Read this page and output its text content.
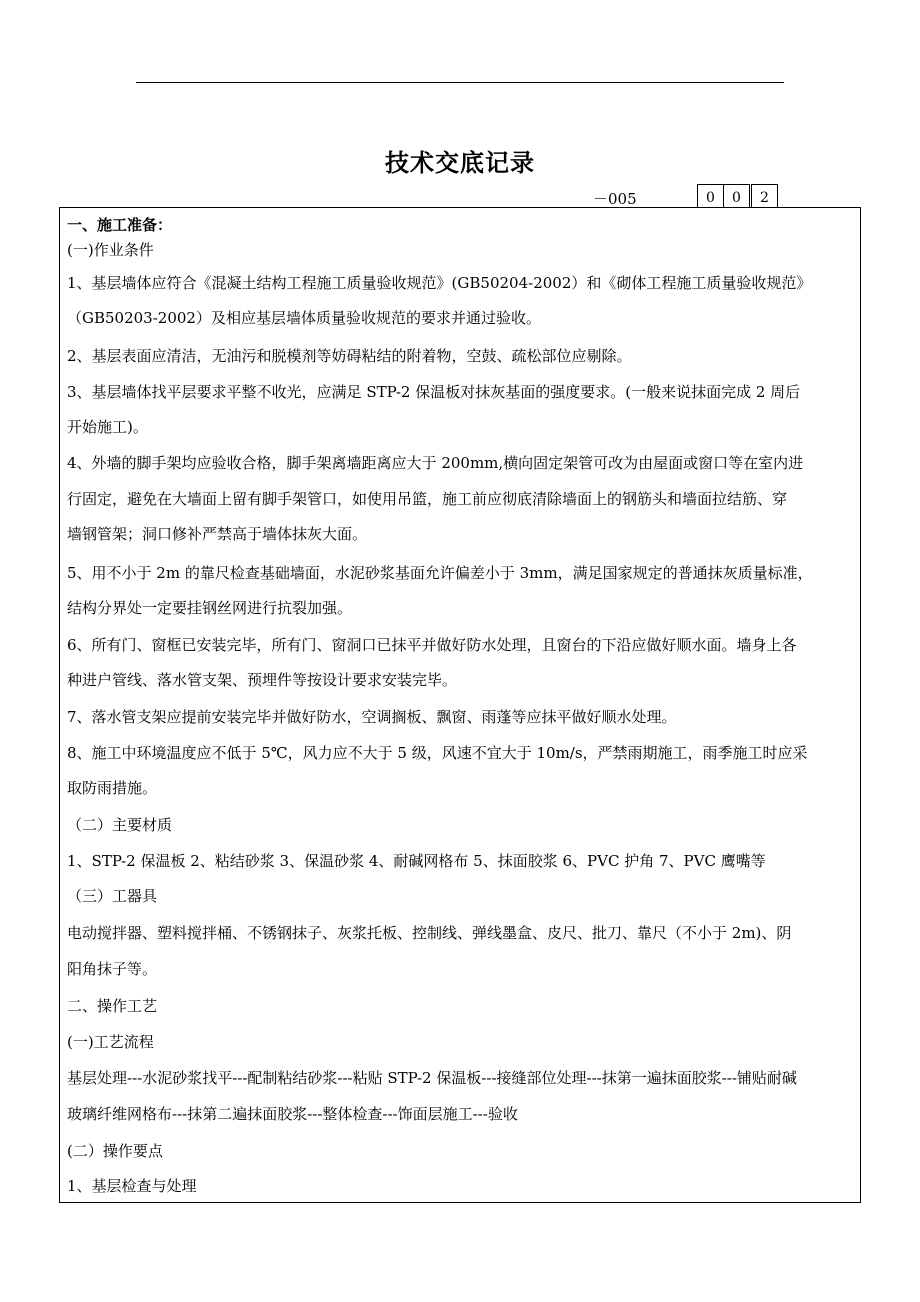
技术交底记录
－005	0	0	2
一、施工准备：
(一)作业条件
1、基层墙体应符合《混凝土结构工程施工质量验收规范》(GB50204-2002）和《砌体工程施工质量验收规范》
（GB50203-2002）及相应基层墙体质量验收规范的要求并通过验收。
2、基层表面应清洁，无油污和脱模剂等妨碍粘结的附着物，空鼓、疏松部位应剔除。
3、基层墙体找平层要求平整不收光，应满足 STP-2 保温板对抹灰基面的强度要求。(一般来说抹面完成 2 周后
开始施工)。
4、外墙的脚手架均应验收合格，脚手架离墙距离应大于 200mm,横向固定架管可改为由屋面或窗口等在室内进
行固定，避免在大墙面上留有脚手架管口，如使用吊篮，施工前应彻底清除墙面上的钢筋头和墙面拉结筋、穿
墙钢管架；洞口修补严禁高于墙体抹灰大面。
5、用不小于 2m 的靠尺检查基础墙面，水泥砂浆基面允许偏差小于 3mm，满足国家规定的普通抹灰质量标准，
结构分界处一定要挂钢丝网进行抗裂加强。
6、所有门、窗框已安装完毕，所有门、窗洞口已抹平并做好防水处理，且窗台的下沿应做好顺水面。墙身上各
种进户管线、落水管支架、预埋件等按设计要求安装完毕。
7、落水管支架应提前安装完毕并做好防水，空调搁板、飘窗、雨蓬等应抹平做好顺水处理。
8、施工中环境温度应不低于 5℃，风力应不大于 5 级，风速不宜大于 10m/s，严禁雨期施工，雨季施工时应采
取防雨措施。
（二）主要材质
1、STP-2 保温板 2、粘结砂浆 3、保温砂浆 4、耐碱网格布 5、抹面胶浆 6、PVC 护角 7、PVC 鹰嘴等
（三）工器具
电动搅拌器、塑料搅拌桶、不锈钢抹子、灰浆托板、控制线、弹线墨盒、皮尺、批刀、靠尺（不小于 2m)、阴
阳角抹子等。
二、操作工艺
(一)工艺流程
基层处理---水泥砂浆找平---配制粘结砂浆---粘贴 STP-2 保温板---接缝部位处理---抹第一遍抹面胶浆---铺贴耐碱
玻璃纤维网格布---抹第二遍抹面胶浆---整体检查---饰面层施工---验收
(二）操作要点
1、基层检查与处理
